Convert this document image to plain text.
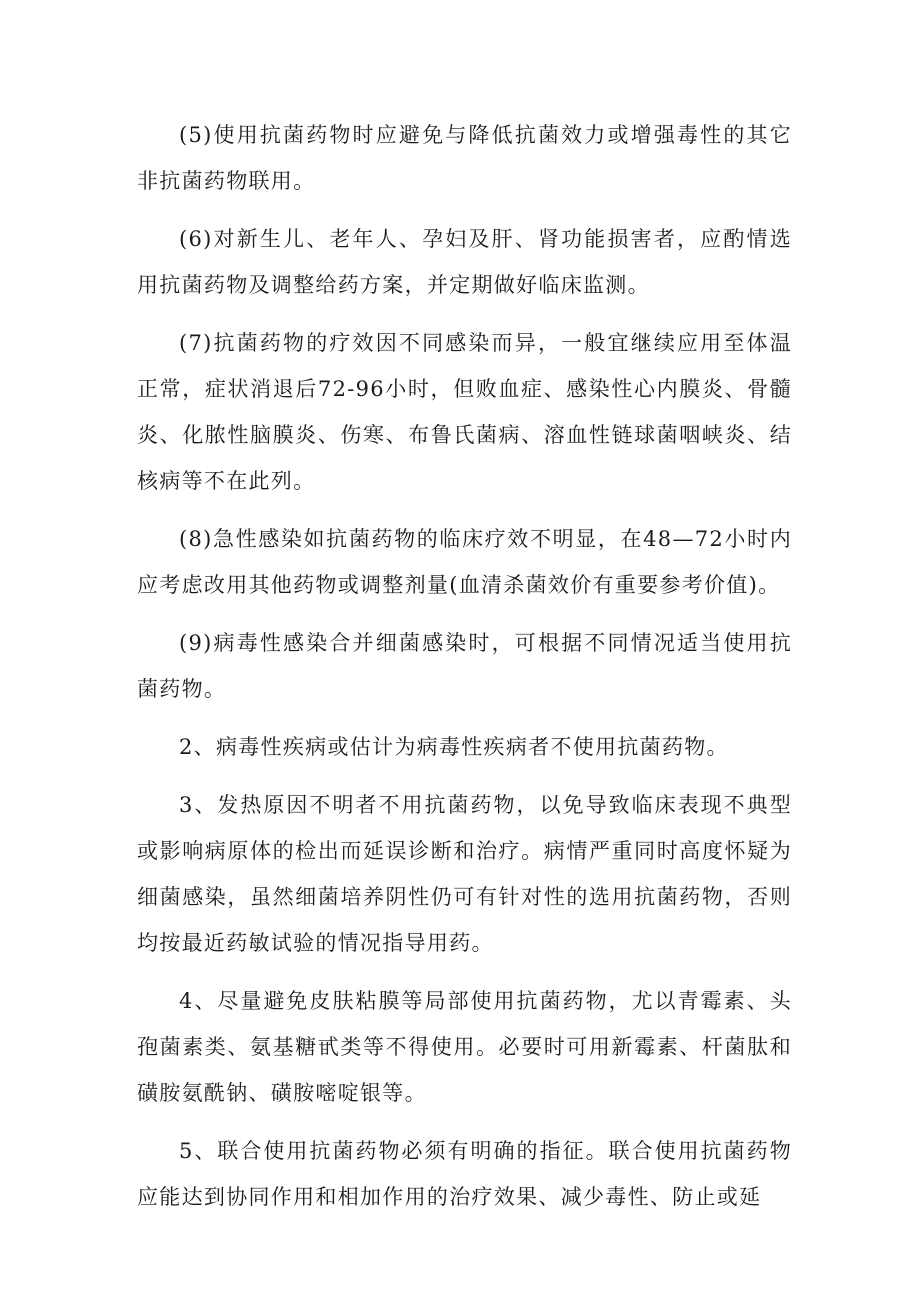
(5)使用抗菌药物时应避免与降低抗菌效力或增强毒性的其它非抗菌药物联用。

(6)对新生儿、老年人、孕妇及肝、肾功能损害者，应酌情选用抗菌药物及调整给药方案，并定期做好临床监测。

(7)抗菌药物的疗效因不同感染而异，一般宜继续应用至体温正常，症状消退后72-96小时，但败血症、感染性心内膜炎、骨髓炎、化脓性脑膜炎、伤寒、布鲁氏菌病、溶血性链球菌咽峡炎、结核病等不在此列。

(8)急性感染如抗菌药物的临床疗效不明显，在48—72小时内应考虑改用其他药物或调整剂量(血清杀菌效价有重要参考价值)。

(9)病毒性感染合并细菌感染时，可根据不同情况适当使用抗菌药物。

2、病毒性疾病或估计为病毒性疾病者不使用抗菌药物。

3、发热原因不明者不用抗菌药物，以免导致临床表现不典型或影响病原体的检出而延误诊断和治疗。病情严重同时高度怀疑为细菌感染，虽然细菌培养阴性仍可有针对性的选用抗菌药物，否则均按最近药敏试验的情况指导用药。

4、尽量避免皮肤粘膜等局部使用抗菌药物，尤以青霉素、头孢菌素类、氨基糖甙类等不得使用。必要时可用新霉素、杆菌肽和磺胺氨酰钠、磺胺嘧啶银等。

5、联合使用抗菌药物必须有明确的指征。联合使用抗菌药物应能达到协同作用和相加作用的治疗效果、减少毒性、防止或延
